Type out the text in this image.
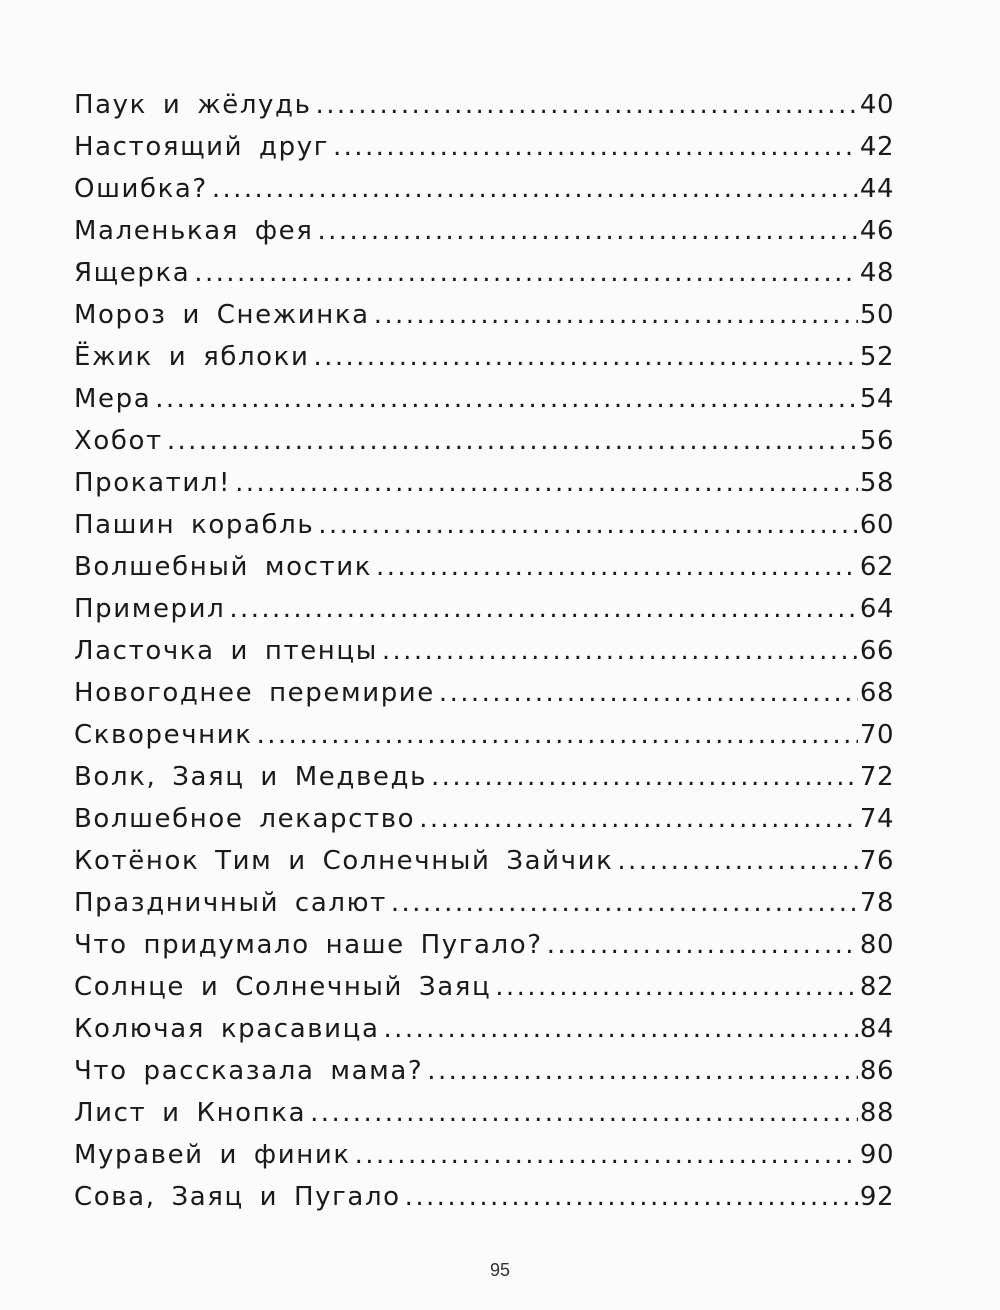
Паук и жёлудь .....	40
Настоящий друг .....	42
Ошибка? .....	44
Маленькая фея .....	46
Ящерка .....	48
Мороз и Снежинка .....	50
Ёжик и яблоки .....	52
Мера .....	54
Хобот .....	56
Прокатил! .....	58
Пашин корабль .....	60
Волшебный мостик .....	62
Примерил .....	64
Ласточка и птенцы .....	66
Новогоднее перемирие .....	68
Скворечник .....	70
Волк, Заяц и Медведь .....	72
Волшебное лекарство .....	74
Котёнок Тим и Солнечный Зайчик .....	76
Праздничный салют .....	78
Что придумало наше Пугало? .....	80
Солнце и Солнечный Заяц .....	82
Колючая красавица .....	84
Что рассказала мама? .....	86
Лист и Кнопка .....	88
Муравей и финик .....	90
Сова, Заяц и Пугало .....	92
95
